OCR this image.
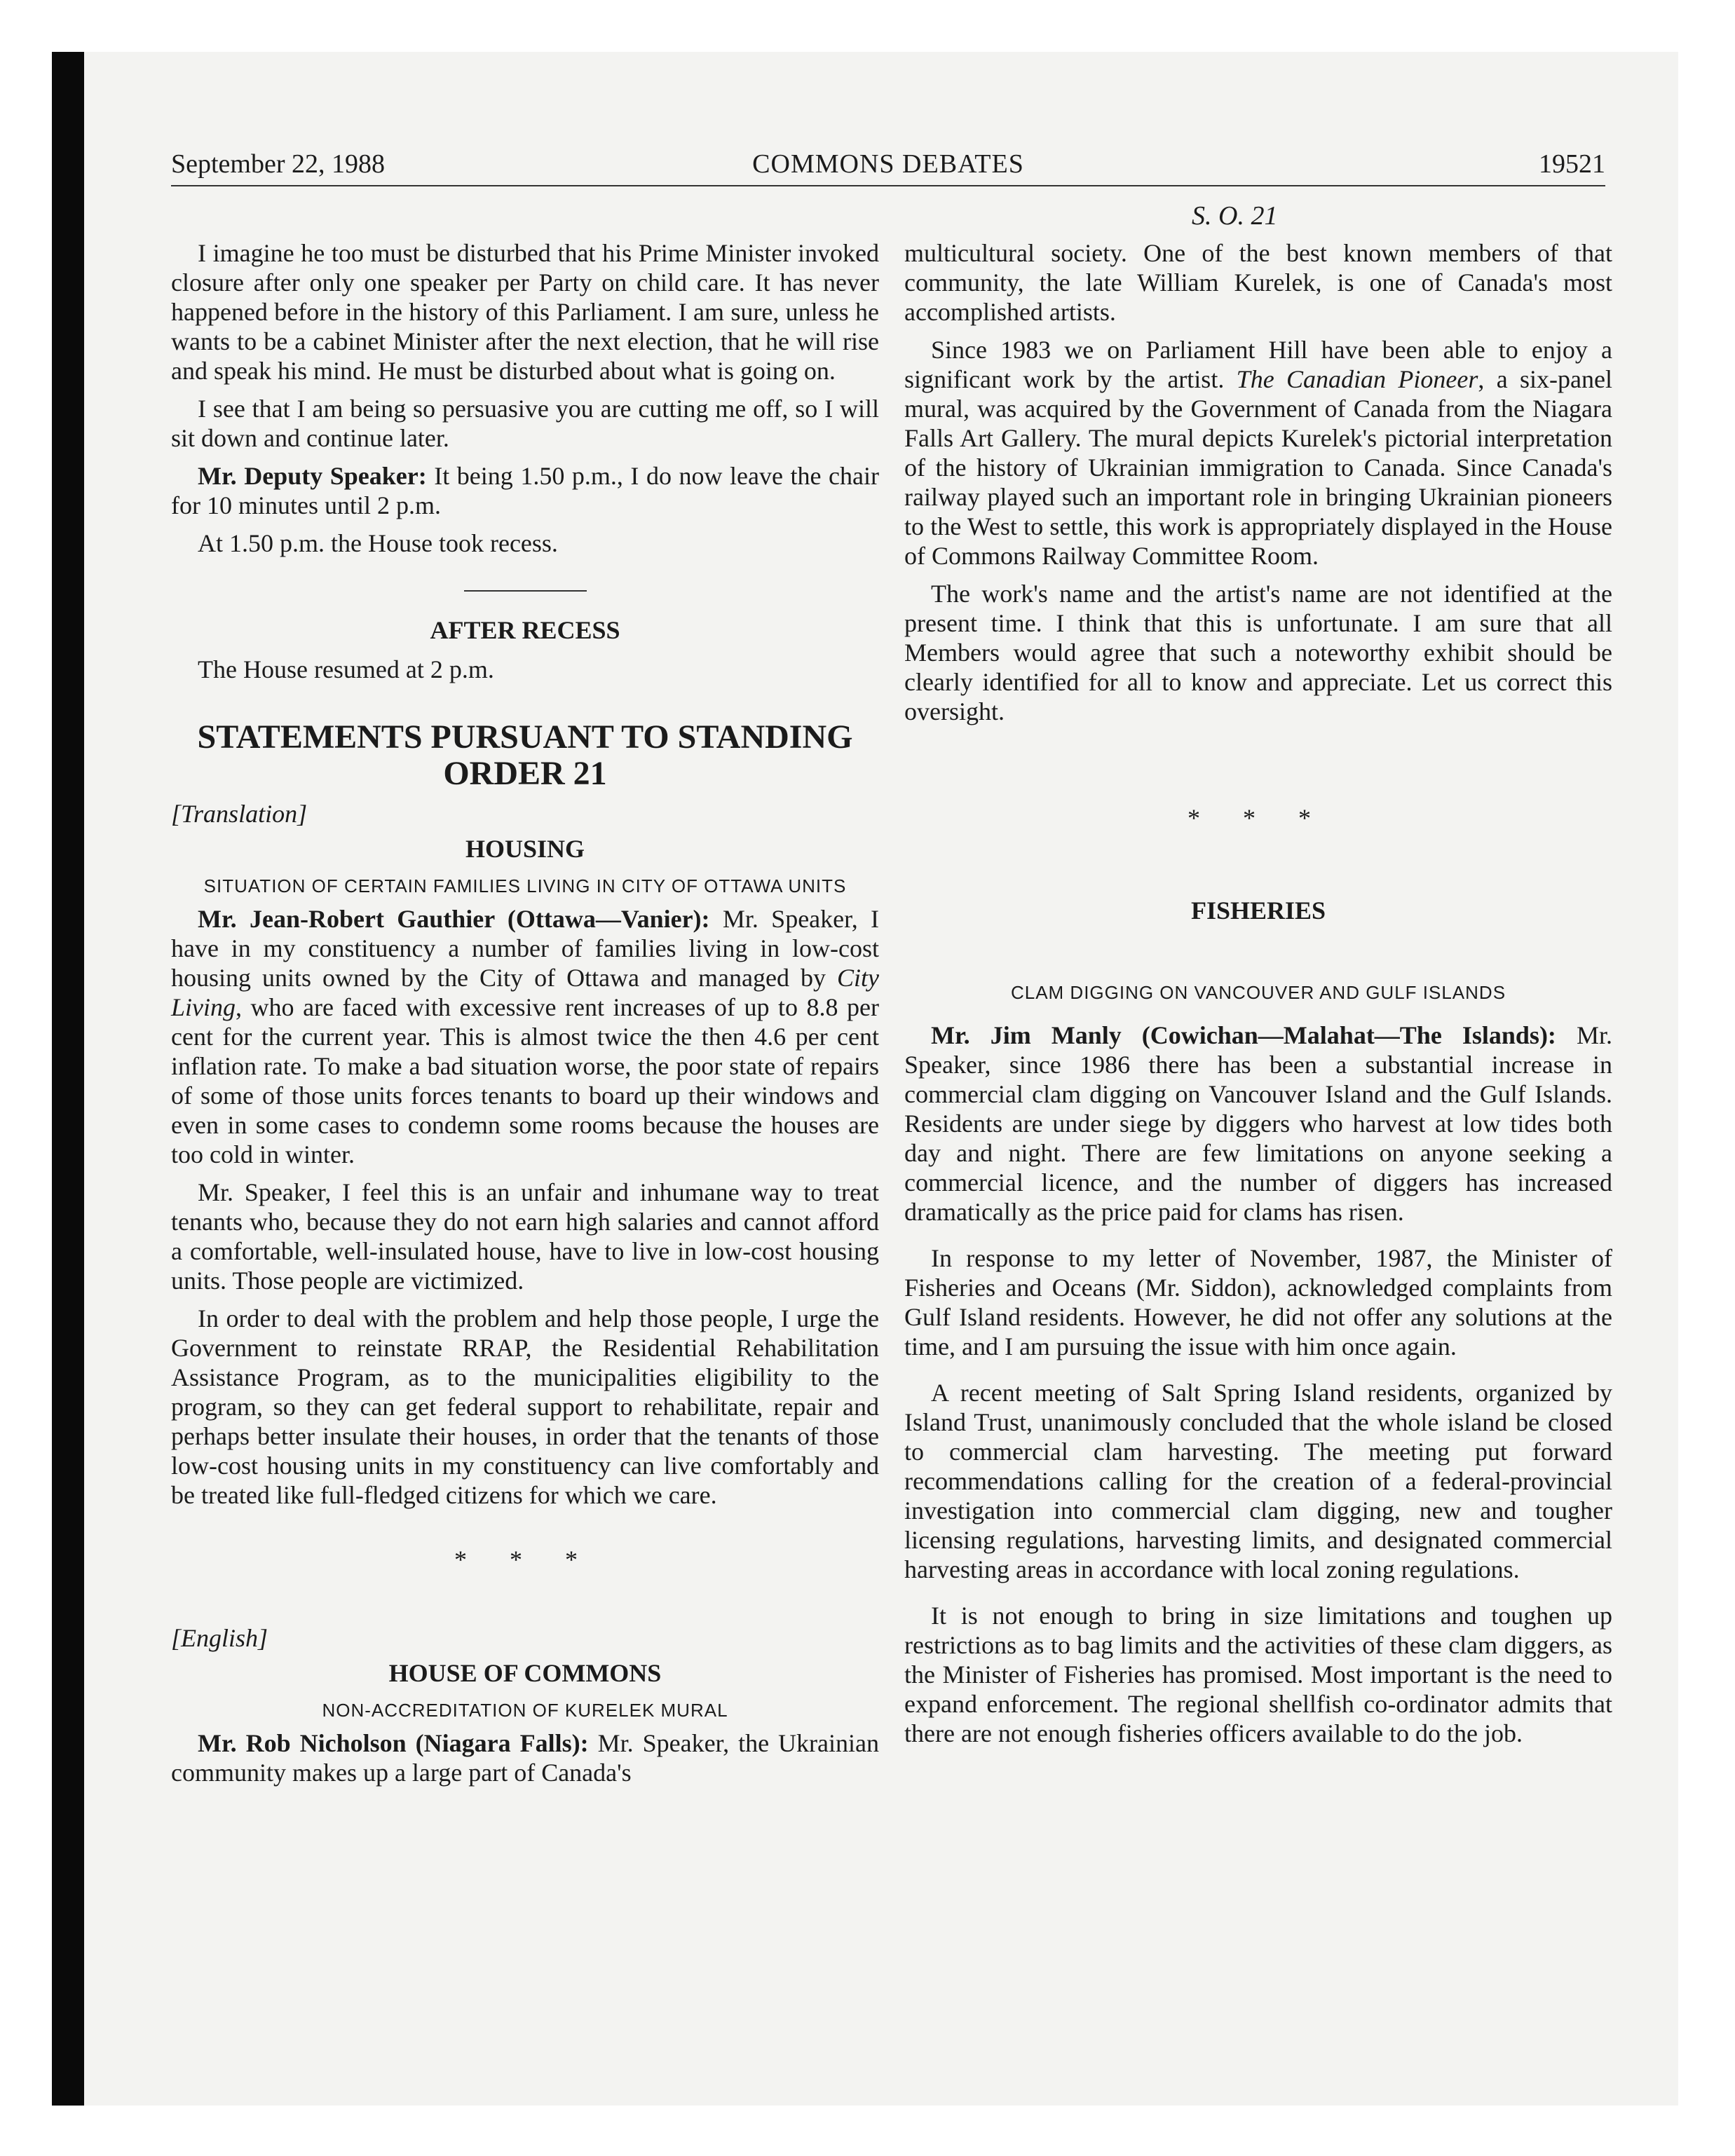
September 22, 1988	COMMONS DEBATES	19521
S. O. 21

I imagine he too must be disturbed that his Prime Minister invoked closure after only one speaker per Party on child care. It has never happened before in the history of this Parliament. I am sure, unless he wants to be a cabinet Minister after the next election, that he will rise and speak his mind. He must be disturbed about what is going on.

I see that I am being so persuasive you are cutting me off, so I will sit down and continue later.

Mr. Deputy Speaker: It being 1.50 p.m., I do now leave the chair for 10 minutes until 2 p.m.

At 1.50 p.m. the House took recess.

AFTER RECESS

The House resumed at 2 p.m.

STATEMENTS PURSUANT TO STANDING ORDER 21
[Translation]
HOUSING
SITUATION OF CERTAIN FAMILIES LIVING IN CITY OF OTTAWA UNITS

Mr. Jean-Robert Gauthier (Ottawa—Vanier): Mr. Speaker, I have in my constituency a number of families living in low-cost housing units owned by the City of Ottawa and managed by City Living, who are faced with excessive rent increases of up to 8.8 per cent for the current year. This is almost twice the then 4.6 per cent inflation rate. To make a bad situation worse, the poor state of repairs of some of those units forces tenants to board up their windows and even in some cases to condemn some rooms because the houses are too cold in winter.

Mr. Speaker, I feel this is an unfair and inhumane way to treat tenants who, because they do not earn high salaries and cannot afford a comfortable, well-insulated house, have to live in low-cost housing units. Those people are victimized.

In order to deal with the problem and help those people, I urge the Government to reinstate RRAP, the Residential Rehabilitation Assistance Program, as to the municipalities eligibility to the program, so they can get federal support to rehabilitate, repair and perhaps better insulate their houses, in order that the tenants of those low-cost housing units in my constituency can live comfortably and be treated like full-fledged citizens for which we care.

* * *
[English]
HOUSE OF COMMONS
NON-ACCREDITATION OF KURELEK MURAL

Mr. Rob Nicholson (Niagara Falls): Mr. Speaker, the Ukrainian community makes up a large part of Canada's

multicultural society. One of the best known members of that community, the late William Kurelek, is one of Canada's most accomplished artists.

Since 1983 we on Parliament Hill have been able to enjoy a significant work by the artist. The Canadian Pioneer, a six-panel mural, was acquired by the Government of Canada from the Niagara Falls Art Gallery. The mural depicts Kurelek's pictorial interpretation of the history of Ukrainian immigration to Canada. Since Canada's railway played such an important role in bringing Ukrainian pioneers to the West to settle, this work is appropriately displayed in the House of Commons Railway Committee Room.

The work's name and the artist's name are not identified at the present time. I think that this is unfortunate. I am sure that all Members would agree that such a noteworthy exhibit should be clearly identified for all to know and appreciate. Let us correct this oversight.

* * *
FISHERIES
CLAM DIGGING ON VANCOUVER AND GULF ISLANDS

Mr. Jim Manly (Cowichan—Malahat—The Islands): Mr. Speaker, since 1986 there has been a substantial increase in commercial clam digging on Vancouver Island and the Gulf Islands. Residents are under siege by diggers who harvest at low tides both day and night. There are few limitations on anyone seeking a commercial licence, and the number of diggers has increased dramatically as the price paid for clams has risen.

In response to my letter of November, 1987, the Minister of Fisheries and Oceans (Mr. Siddon), acknowledged complaints from Gulf Island residents. However, he did not offer any solutions at the time, and I am pursuing the issue with him once again.

A recent meeting of Salt Spring Island residents, organized by Island Trust, unanimously concluded that the whole island be closed to commercial clam harvesting. The meeting put forward recommendations calling for the creation of a federal-provincial investigation into commercial clam digging, new and tougher licensing regulations, harvesting limits, and designated commercial harvesting areas in accordance with local zoning regulations.

It is not enough to bring in size limitations and toughen up restrictions as to bag limits and the activities of these clam diggers, as the Minister of Fisheries has promised. Most important is the need to expand enforcement. The regional shellfish co-ordinator admits that there are not enough fisheries officers available to do the job.
